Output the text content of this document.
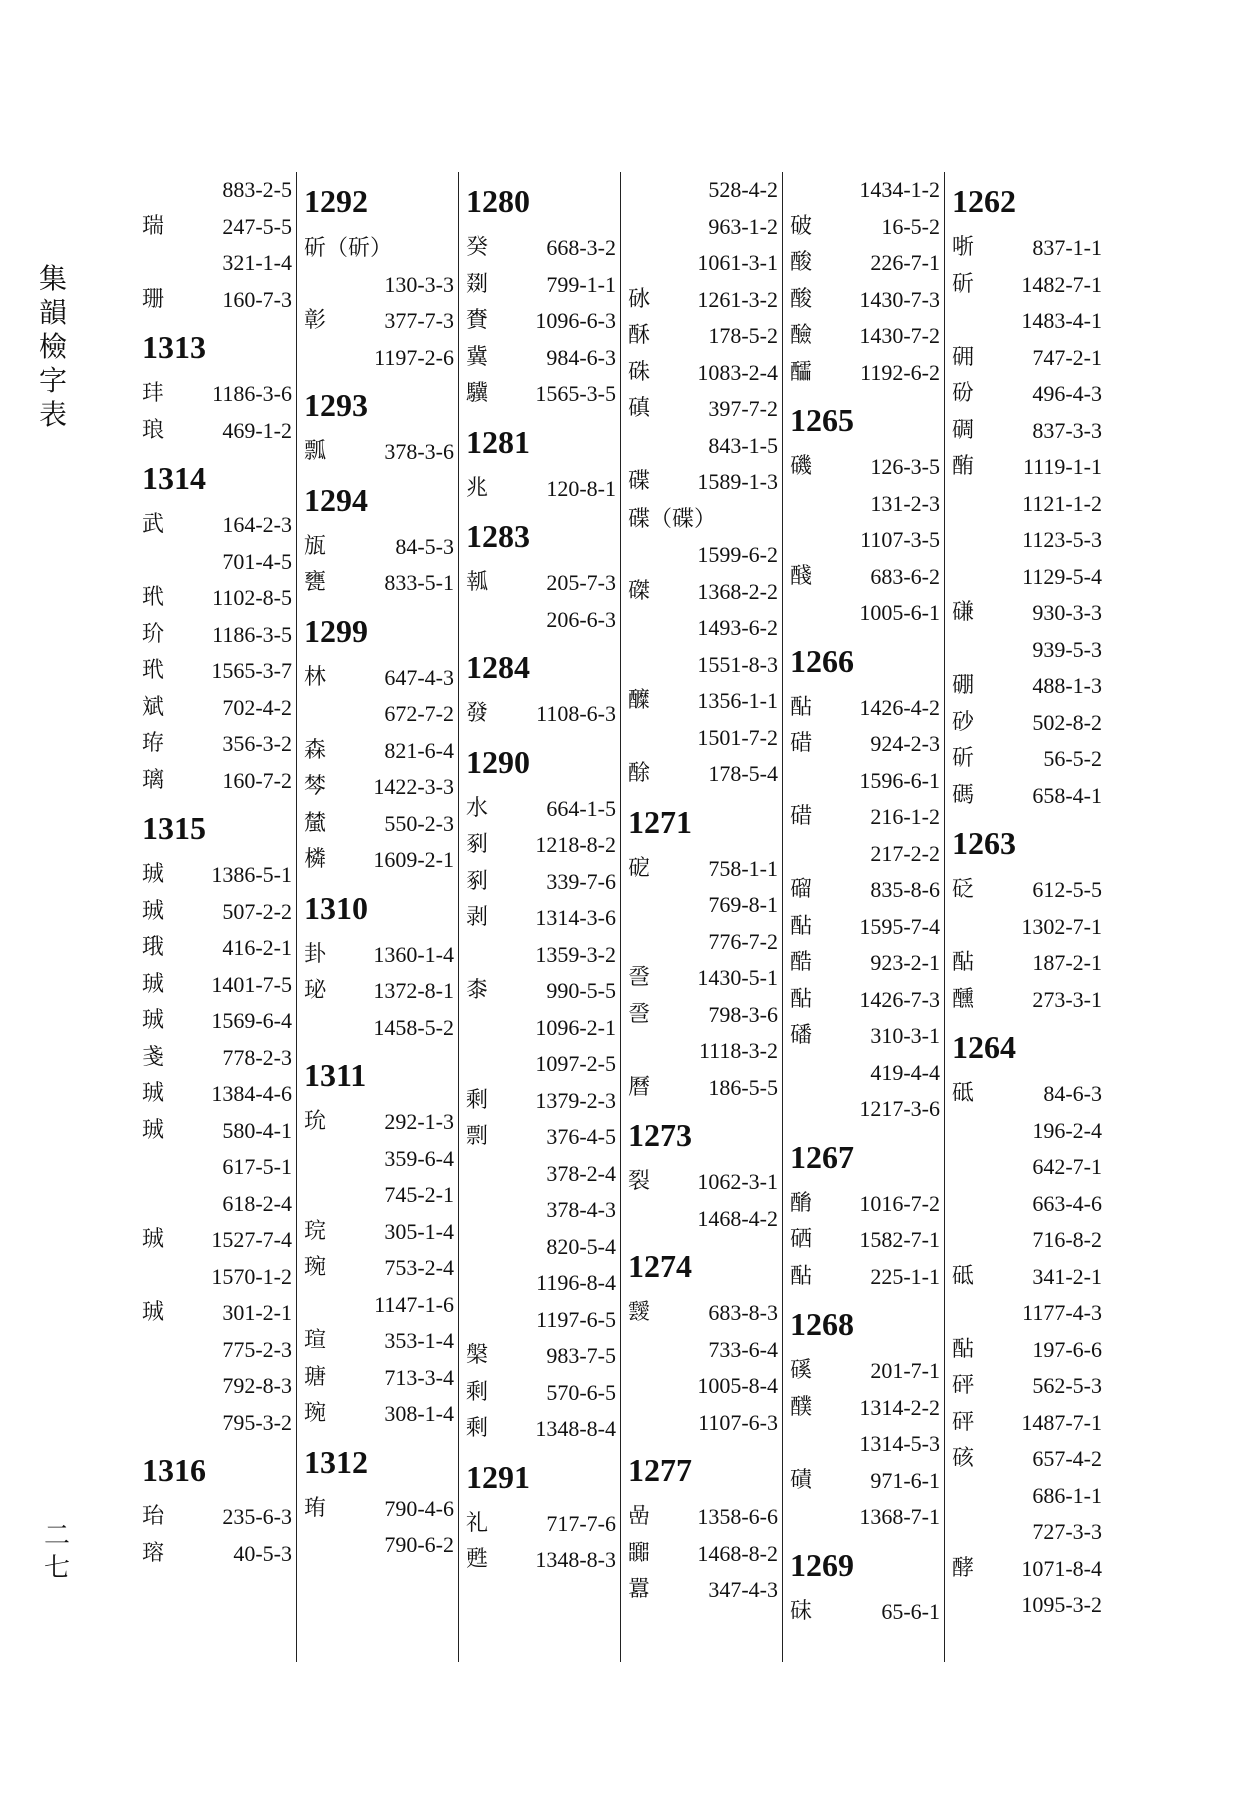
集
韻
檢
字
表
二
七
883-2-5
瑞	247-5-5
321-1-4
珊	160-7-3
1313
玤 1186-3-6
琅	469-1-2
1314
武	164-2-3
701-4-5
玳 1102-8-5
玠 1186-3-5
玳 1565-3-7
斌	702-4-2
珔	356-3-2
璃	160-7-2
1315
珹 1386-5-1
珹	507-2-2
珴	416-2-1
珹 1401-7-5
珹 1569-6-4
戔	778-2-3
珹 1384-4-6
珹	580-4-1
617-5-1
618-2-4
珹 1527-7-4
1570-1-2
珹	301-2-1
775-2-3
792-8-3
795-3-2
1316
珆	235-6-3
瑢	40-5-3
1292
斫（斫）
130-3-3
彰	377-7-3
1197-2-6
1293
瓢	378-3-6
1294
瓬	84-5-3
甕	833-5-1
1299
林	647-4-3
672-7-2
森	821-6-4
棽 1422-3-3
檒	550-2-3
橉 1609-2-1
1310
卦 1360-1-4
珌 1372-8-1
1458-5-2
1311
玧	292-1-3
359-6-4
745-2-1
琓	305-1-4
琬	753-2-4
1147-1-6
瑄	353-1-4
瑭	713-3-4
琬	308-1-4
1312
珛	790-4-6
790-6-2
1280
癸	668-3-2
剟	799-1-1
賚 1096-6-3
冀	984-6-3
驥 1565-3-5
1281
兆	120-8-1
1283
瓡	205-7-3
206-6-3
1284
發 1108-6-3
1290
水	664-1-5
剢 1218-8-2
剢	339-7-6
剥 1314-3-6
1359-3-2
桼	990-5-5
1096-2-1
1097-2-5
剩 1379-2-3
剽	376-4-5
378-2-4
378-4-3
820-5-4
1196-8-4
1197-6-5
槃	983-7-5
剩	570-6-5
剩 1348-8-4
1291
礼	717-7-6
甦 1348-8-3
528-4-2
963-1-2
1061-3-1
砅 1261-3-2
酥	178-5-2
硃 1083-2-4
磌	397-7-2
843-1-5
碟 1589-1-3
碟（碟）
1599-6-2
磔 1368-2-2
1493-6-2
1551-8-3
醾 1356-1-1
1501-7-2
酴	178-5-4
1271
砨	758-1-1
769-8-1
776-7-2
巹 1430-5-1
巹	798-3-6
1118-3-2
曆	186-5-5
1273
裂 1062-3-1
1468-4-2
1274
靉	683-8-3
733-6-4
1005-8-4
1107-6-3
1277
嵒 1358-6-6
嚻 1468-8-2
囂	347-4-3
1434-1-2
破	16-5-2
酸	226-7-1
酸 1430-7-3
醶 1430-7-2
醽 1192-6-2
1265
磯	126-3-5
131-2-3
1107-3-5
醆	683-6-2
1005-6-1
1266
酟 1426-4-2
碏	924-2-3
1596-6-1
碏	216-1-2
217-2-2
磂	835-8-6
酟 1595-7-4
酷	923-2-1
酟 1426-7-3
磻	310-3-1
419-4-4
1217-3-6
1267
酳 1016-7-2
硒 1582-7-1
酟	225-1-1
1268
磎	201-7-1
醭 1314-2-2
1314-5-3
磧	971-6-1
1368-7-1
1269
砞	65-6-1
1262
哳	837-1-1
斫 1482-7-1
1483-4-1
砽	747-2-1
砏	496-4-3
碉	837-3-3
酭 1119-1-1
1121-1-2
1123-5-3
1129-5-4
磏	930-3-3
939-5-3
硼	488-1-3
砂	502-8-2
斫	56-5-2
碼	658-4-1
1263
砭	612-5-5
1302-7-1
酟	187-2-1
醺	273-3-1
1264
砥	84-6-3
196-2-4
642-7-1
663-4-6
716-8-2
砥	341-2-1
1177-4-3
酟	197-6-6
砰	562-5-3
砰 1487-7-1
硋	657-4-2
686-1-1
727-3-3
酵 1071-8-4
1095-3-2
